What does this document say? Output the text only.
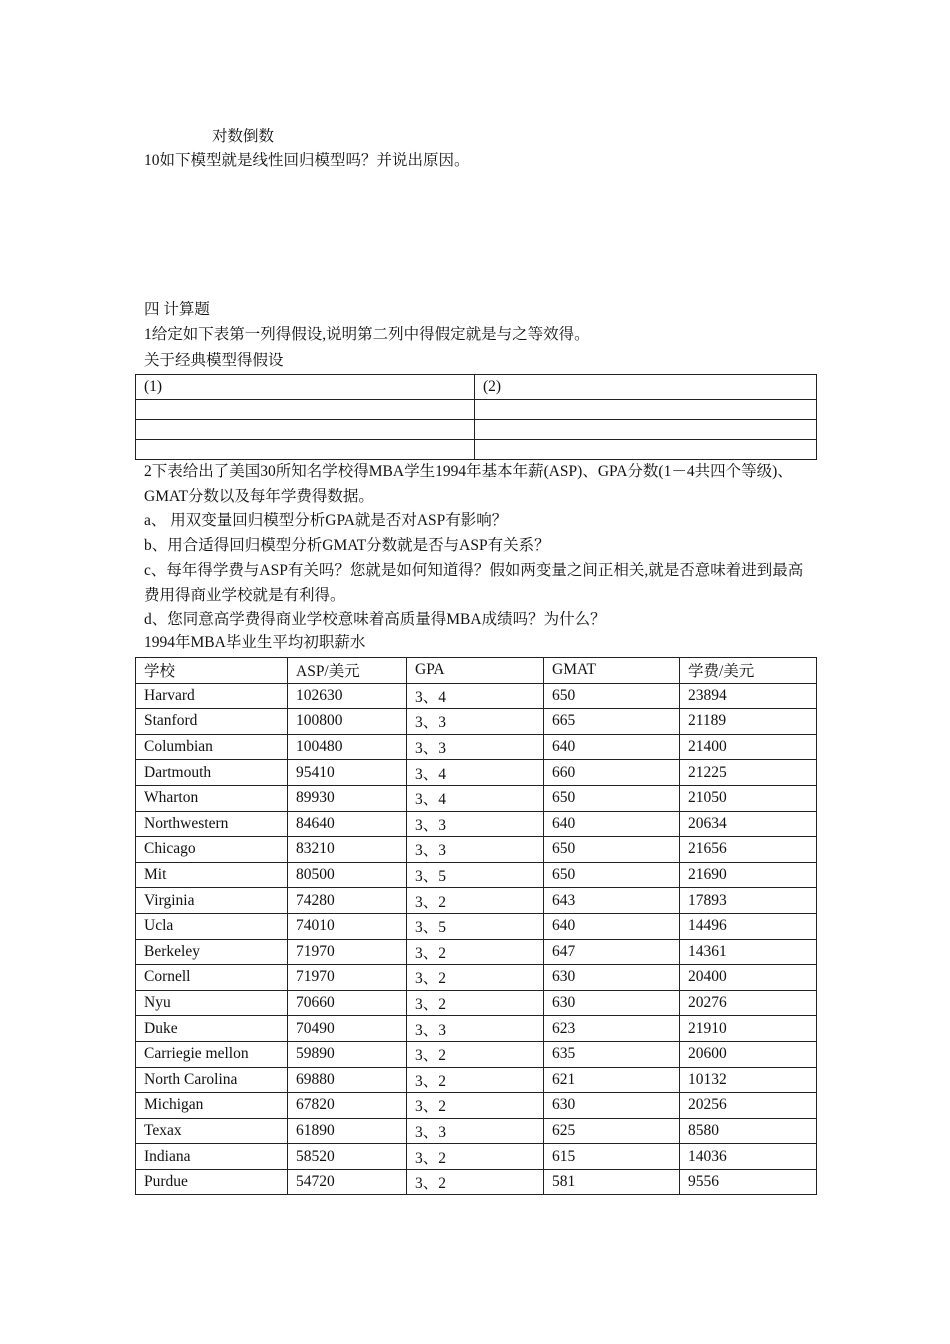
对数倒数
10如下模型就是线性回归模型吗？并说出原因。
四 计算题
1给定如下表第一列得假设,说明第二列中得假定就是与之等效得。
关于经典模型得假设
(1)	(2)

2下表给出了美国30所知名学校得MBA学生1994年基本年薪(ASP)、GPA分数(1－4共四个等级)、GMAT分数以及每年学费得数据。
a、 用双变量回归模型分析GPA就是否对ASP有影响？
b、用合适得回归模型分析GMAT分数就是否与ASP有关系？
c、每年得学费与ASP有关吗？您就是如何知道得？假如两变量之间正相关,就是否意味着进到最高费用得商业学校就是有利得。
d、您同意高学费得商业学校意味着高质量得MBA成绩吗？为什么？
1994年MBA毕业生平均初职薪水
学校	ASP/美元	GPA	GMAT	学费/美元
Harvard	102630	3、4	650	23894
Stanford	100800	3、3	665	21189
Columbian	100480	3、3	640	21400
Dartmouth	95410	3、4	660	21225
Wharton	89930	3、4	650	21050
Northwestern	84640	3、3	640	20634
Chicago	83210	3、3	650	21656
Mit	80500	3、5	650	21690
Virginia	74280	3、2	643	17893
Ucla	74010	3、5	640	14496
Berkeley	71970	3、2	647	14361
Cornell	71970	3、2	630	20400
Nyu	70660	3、2	630	20276
Duke	70490	3、3	623	21910
Carriegie mellon	59890	3、2	635	20600
North Carolina	69880	3、2	621	10132
Michigan	67820	3、2	630	20256
Texax	61890	3、3	625	8580
Indiana	58520	3、2	615	14036
Purdue	54720	3、2	581	9556
